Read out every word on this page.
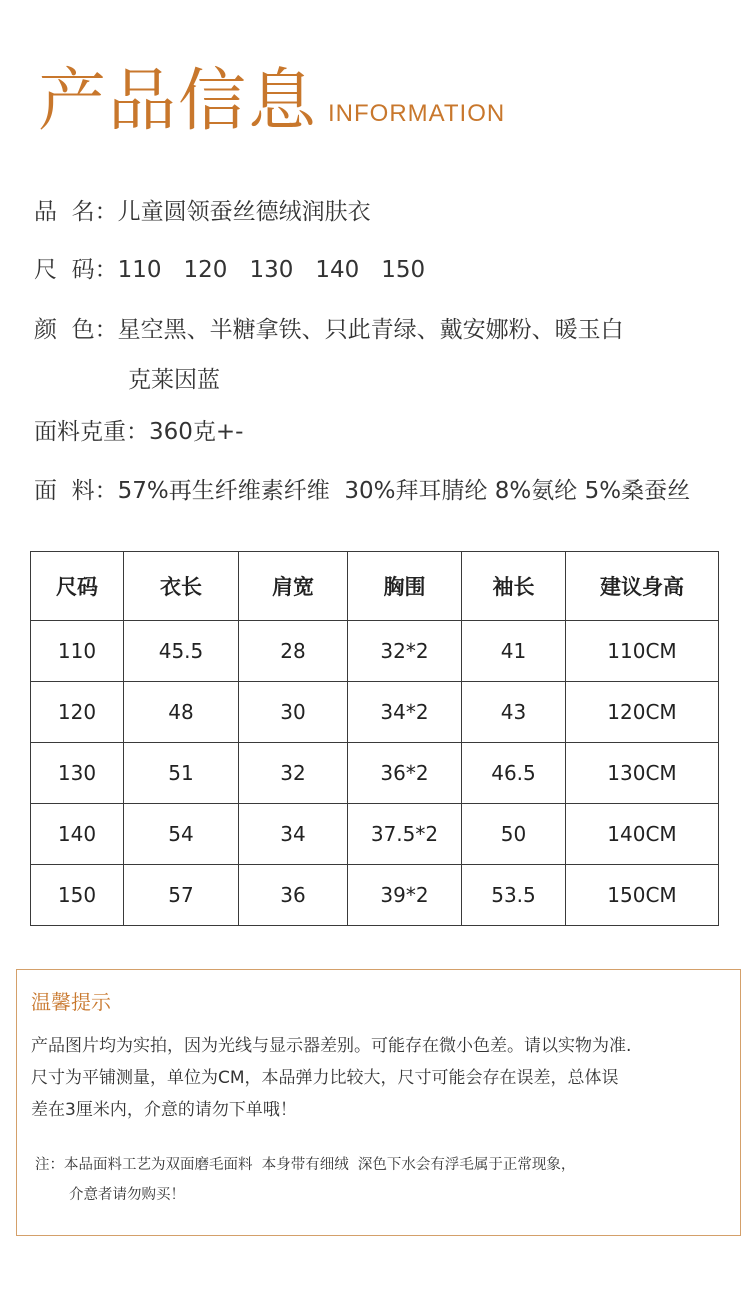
产品信息 INFORMATION
品  名：儿童圆领蚕丝德绒润肤衣
尺  码：110 120 130 140 150
颜  色：星空黑、半糖拿铁、只此青绿、戴安娜粉、暖玉白
克莱因蓝
面料克重：360克+-
面  料：57%再生纤维素纤维  30%拜耳腈纶 8%氨纶 5%桑蚕丝
尺码	衣长	肩宽	胸围	袖长	建议身高
110	45.5	28	32*2	41	110CM
120	48	30	34*2	43	120CM
130	51	32	36*2	46.5	130CM
140	54	34	37.5*2	50	140CM
150	57	36	39*2	53.5	150CM
温馨提示
产品图片均为实拍，因为光线与显示器差别。可能存在微小色差。请以实物为准.
尺寸为平铺测量，单位为CM，本品弹力比较大，尺寸可能会存在误差，总体误
差在3厘米内，介意的请勿下单哦！
注：本品面料工艺为双面磨毛面料  本身带有细绒  深色下水会有浮毛属于正常现象，
介意者请勿购买！
